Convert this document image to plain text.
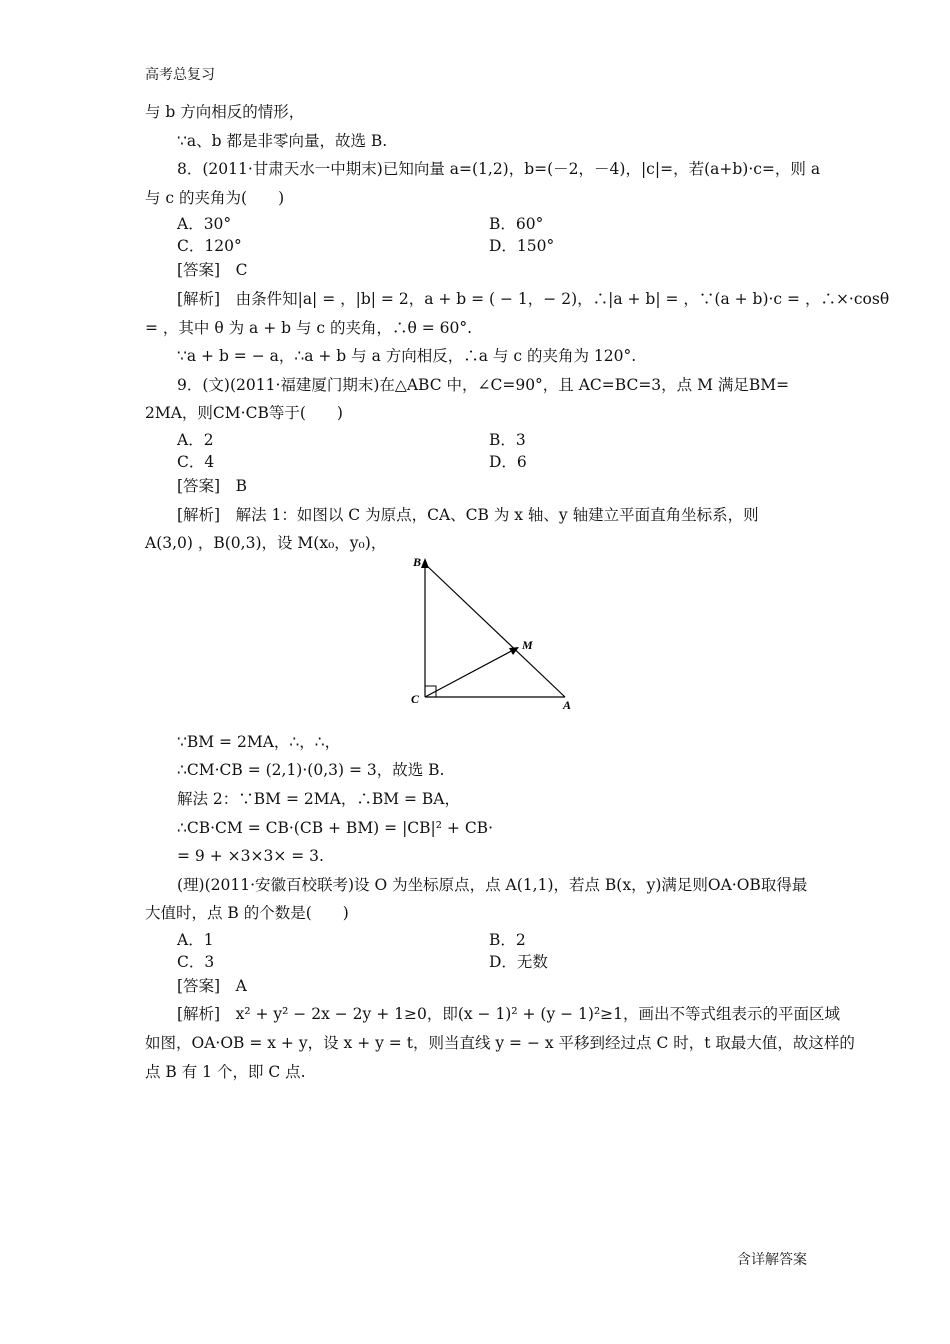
高考总复习
与 b 方向相反的情形，
∵a、b 都是非零向量，故选 B.
8．(2011·甘肃天水一中期末)已知向量 a=(1,2)，b=(－2，－4)，|c|=，若(a+b)·c=，则 a
与 c 的夹角为(　　)
A．30°	B．60°
C．120°	D．150°
[答案]　C
[解析]　由条件知|a| = ，|b| = 2，a + b = ( − 1，− 2)，∴|a + b| = ，∵(a + b)·c = ，∴×·cosθ
= ，其中 θ 为 a + b 与 c 的夹角，∴θ = 60°.
∵a + b = − a，∴a + b 与 a 方向相反，∴a 与 c 的夹角为 120°.
9．(文)(2011·福建厦门期末)在△ABC 中，∠C=90°，且 AC=BC=3，点 M 满足BM=
2MA，则CM·CB等于(　　)
A．2	B．3
C．4	D．6
[答案]　B
[解析]　解法 1：如图以 C 为原点，CA、CB 为 x 轴、y 轴建立平面直角坐标系，则
A(3,0) ，B(0,3)，设 M(x₀，y₀)，
B
M
C	A
∵BM = 2MA，∴，∴，
∴CM·CB = (2,1)·(0,3) = 3，故选 B.
解法 2：∵BM = 2MA，∴BM = BA，
∴CB·CM = CB·(CB + BM) = |CB|² + CB·
= 9 + ×3×3× = 3.
(理)(2011·安徽百校联考)设 O 为坐标原点，点 A(1,1)，若点 B(x，y)满足则OA·OB取得最
大值时，点 B 的个数是(　　)
A．1	B．2
C．3	D．无数
[答案]　A
[解析]　x² + y² − 2x − 2y + 1≥0，即(x − 1)² + (y − 1)²≥1，画出不等式组表示的平面区域
如图，OA·OB = x + y，设 x + y = t，则当直线 y = − x 平移到经过点 C 时，t 取最大值，故这样的
点 B 有 1 个，即 C 点.
含详解答案
